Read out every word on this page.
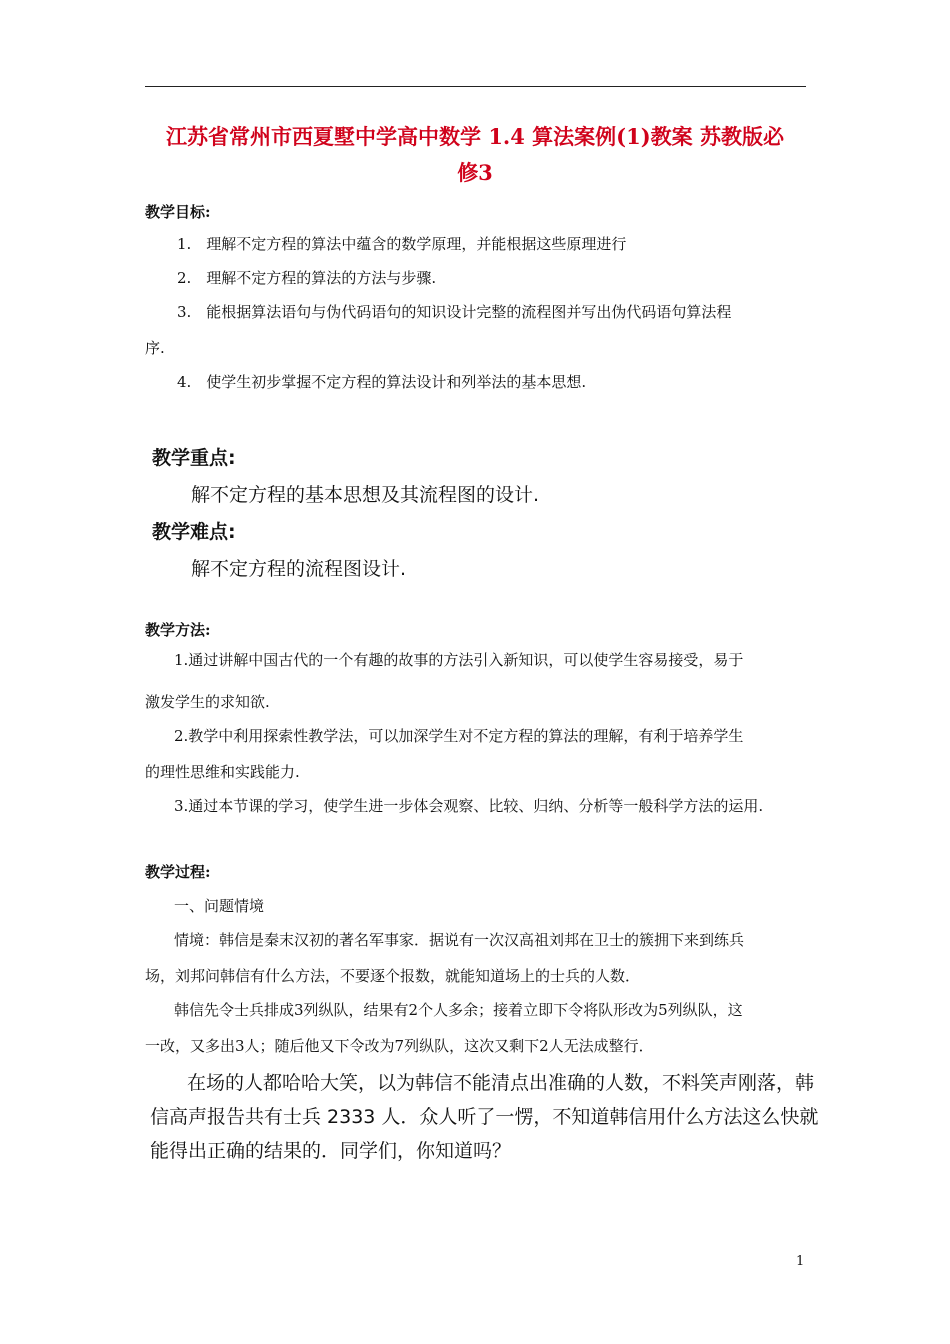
江苏省常州市西夏墅中学高中数学 1.4 算法案例(1)教案 苏教版必
修3
教学目标:
1.　理解不定方程的算法中蕴含的数学原理，并能根据这些原理进行
2.　理解不定方程的算法的方法与步骤.
3.　能根据算法语句与伪代码语句的知识设计完整的流程图并写出伪代码语句算法程
序.
4.　使学生初步掌握不定方程的算法设计和列举法的基本思想.
教学重点:
解不定方程的基本思想及其流程图的设计.
教学难点:
解不定方程的流程图设计.
教学方法:
1.通过讲解中国古代的一个有趣的故事的方法引入新知识，可以使学生容易接受，易于
激发学生的求知欲.
2.教学中利用探索性教学法，可以加深学生对不定方程的算法的理解，有利于培养学生
的理性思维和实践能力.
3.通过本节课的学习，使学生进一步体会观察、比较、归纳、分析等一般科学方法的运用.
教学过程:
一、问题情境
情境：韩信是秦末汉初的著名军事家．据说有一次汉高祖刘邦在卫士的簇拥下来到练兵
场，刘邦问韩信有什么方法，不要逐个报数，就能知道场上的士兵的人数．
韩信先令士兵排成3列纵队，结果有2个人多余；接着立即下令将队形改为5列纵队，这
一改，又多出3人；随后他又下令改为7列纵队，这次又剩下2人无法成整行．
在场的人都哈哈大笑，以为韩信不能清点出准确的人数，不料笑声刚落，韩
信高声报告共有士兵 2333 人．众人听了一愣，不知道韩信用什么方法这么快就
能得出正确的结果的．同学们，你知道吗？
1
